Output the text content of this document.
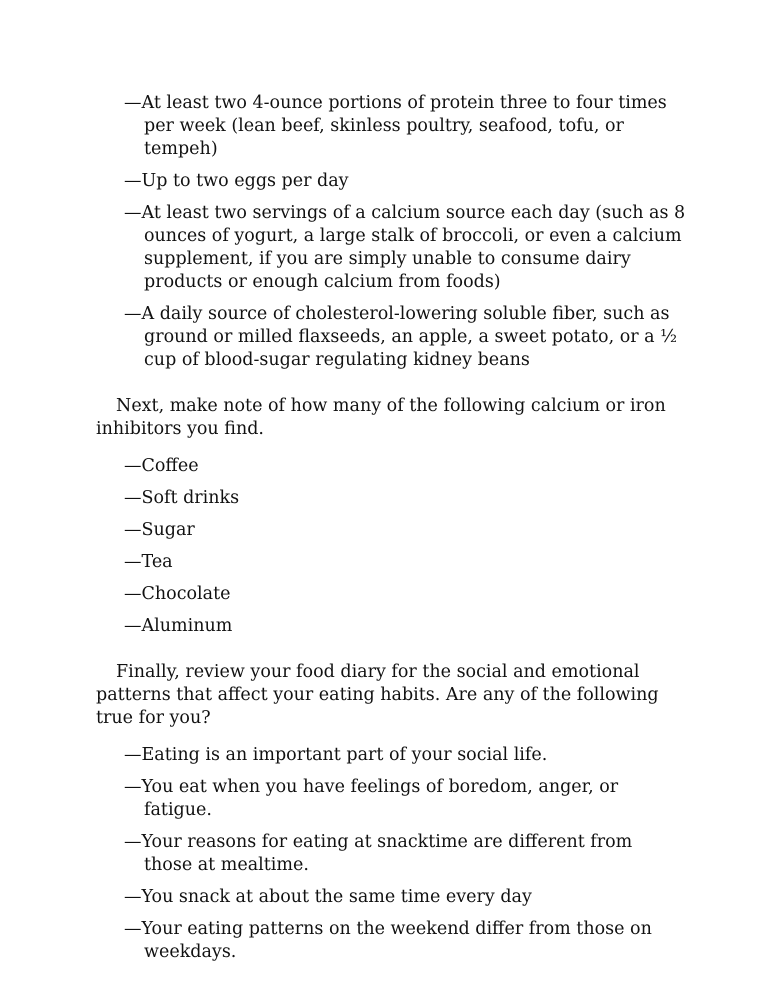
—At least two 4-ounce portions of protein three to four times per week (lean beef, skinless poultry, seafood, tofu, or tempeh)
—Up to two eggs per day
—At least two servings of a calcium source each day (such as 8 ounces of yogurt, a large stalk of broccoli, or even a calcium supplement, if you are simply unable to consume dairy products or enough calcium from foods)
—A daily source of cholesterol-lowering soluble fiber, such as ground or milled flaxseeds, an apple, a sweet potato, or a ½ cup of blood-sugar regulating kidney beans

Next, make note of how many of the following calcium or iron inhibitors you find.

—Coffee
—Soft drinks
—Sugar
—Tea
—Chocolate
—Aluminum

Finally, review your food diary for the social and emotional patterns that affect your eating habits. Are any of the following true for you?

—Eating is an important part of your social life.
—You eat when you have feelings of boredom, anger, or fatigue.
—Your reasons for eating at snacktime are different from those at mealtime.
—You snack at about the same time every day
—Your eating patterns on the weekend differ from those on weekdays.
